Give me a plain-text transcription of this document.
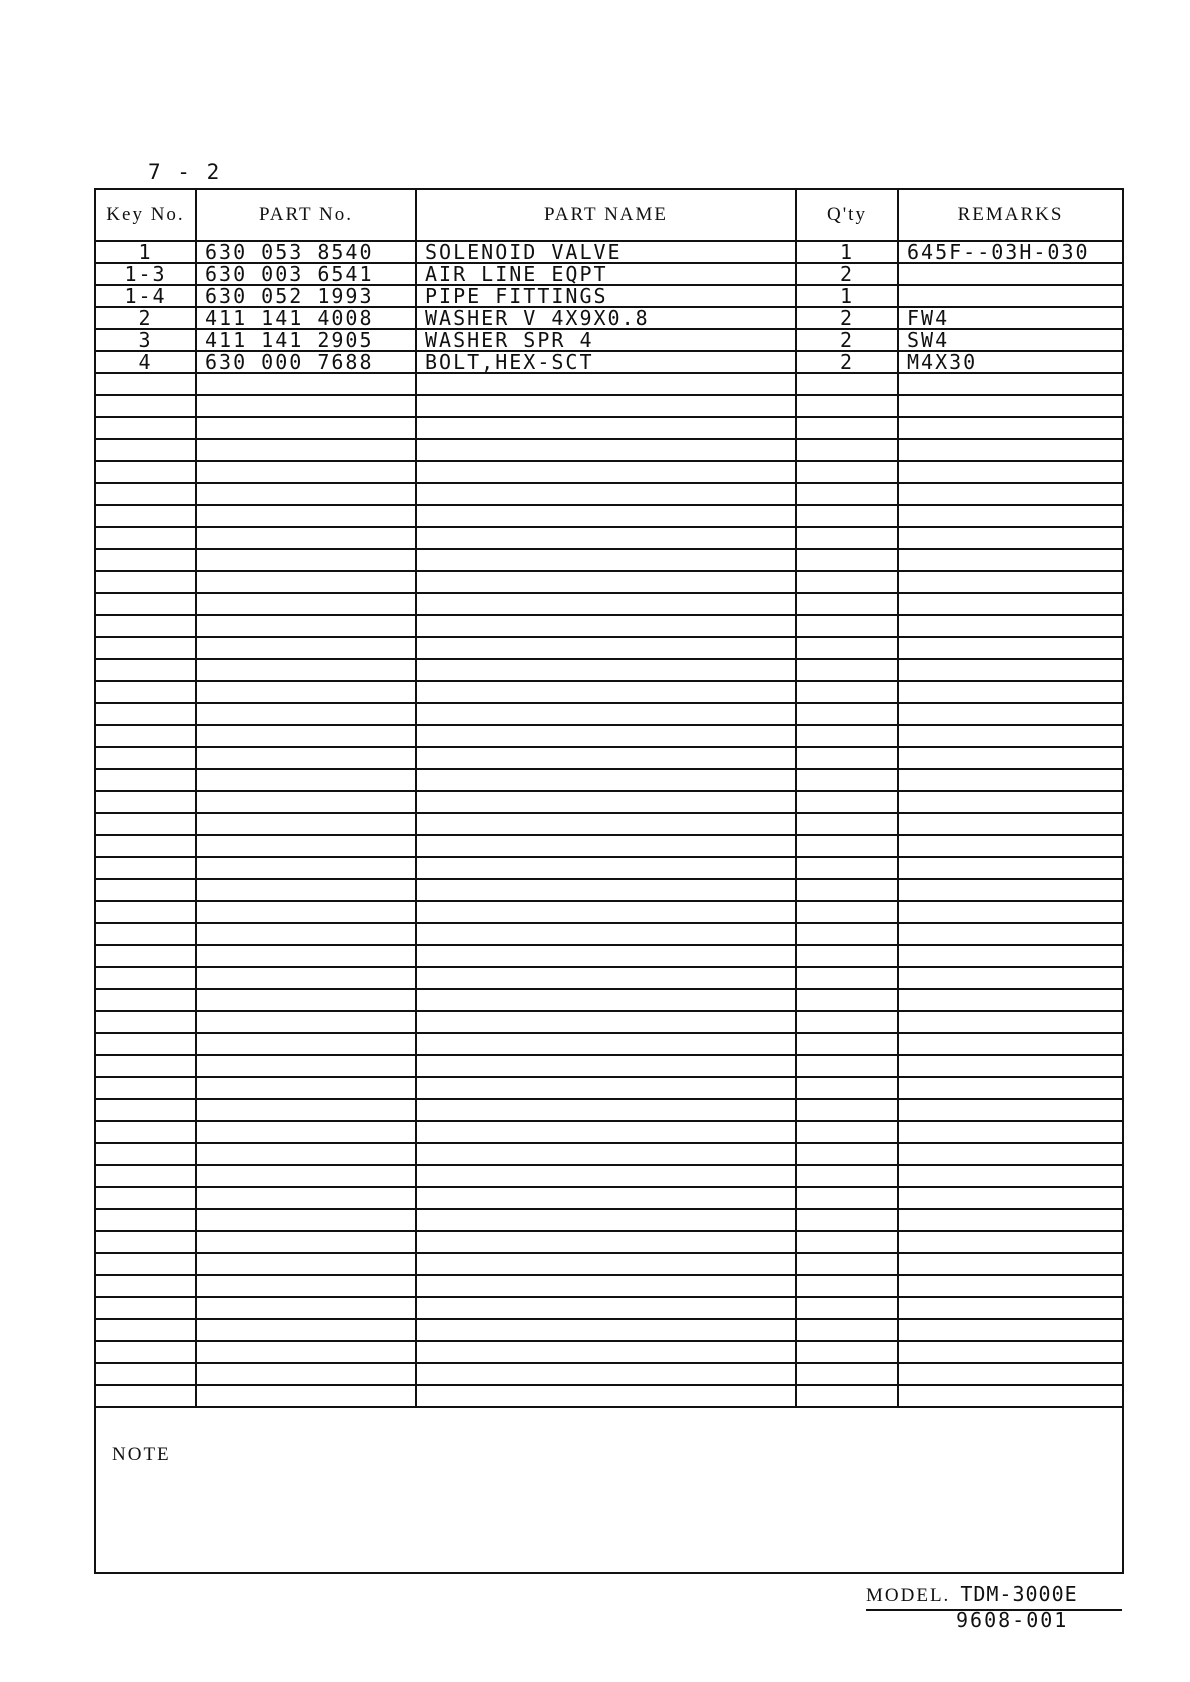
7 - 2
Key No.	PART No.	PART NAME	Q'ty	REMARKS
1	630 053 8540	SOLENOID VALVE	1	645F--03H-030
1-3	630 003 6541	AIR LINE EQPT	2	
1-4	630 052 1993	PIPE FITTINGS	1	
2	411 141 4008	WASHER V 4X9X0.8	2	FW4
3	411 141 2905	WASHER SPR 4	2	SW4
4	630 000 7688	BOLT,HEX-SCT	2	M4X30

NOTE
MODEL. TDM-3000E
9608-001
